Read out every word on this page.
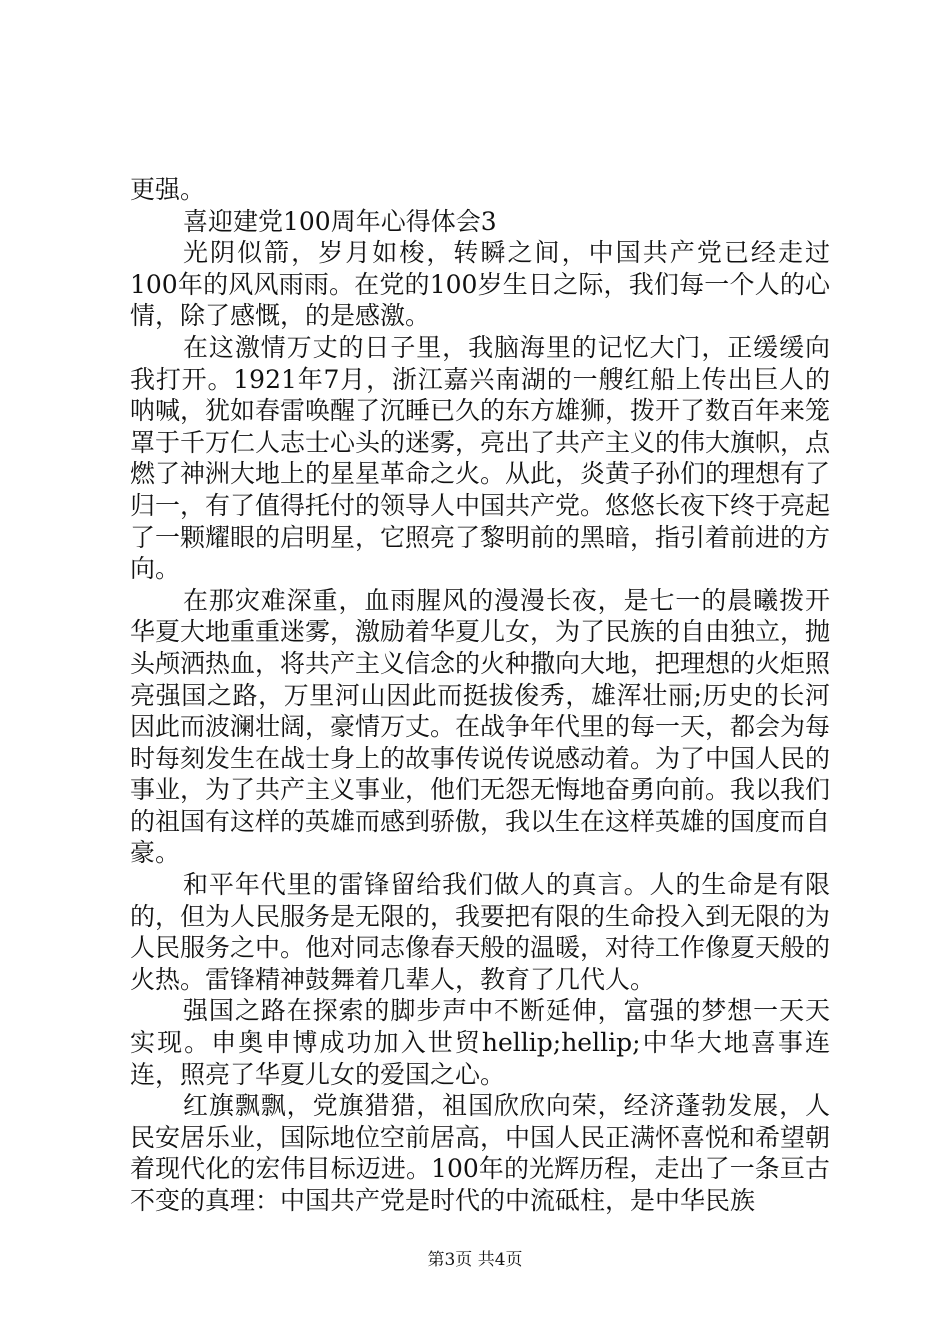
更强。

喜迎建党100周年心得体会3

光阴似箭，岁月如梭，转瞬之间，中国共产党已经走过100年的风风雨雨。在党的100岁生日之际，我们每一个人的心情，除了感慨，的是感激。

在这激情万丈的日子里，我脑海里的记忆大门，正缓缓向我打开。1921年7月，浙江嘉兴南湖的一艘红船上传出巨人的呐喊，犹如春雷唤醒了沉睡已久的东方雄狮，拨开了数百年来笼罩于千万仁人志士心头的迷雾，亮出了共产主义的伟大旗帜，点燃了神洲大地上的星星革命之火。从此，炎黄子孙们的理想有了归一，有了值得托付的领导人中国共产党。悠悠长夜下终于亮起了一颗耀眼的启明星，它照亮了黎明前的黑暗，指引着前进的方向。

在那灾难深重，血雨腥风的漫漫长夜，是七一的晨曦拨开华夏大地重重迷雾，激励着华夏儿女，为了民族的自由独立，抛头颅洒热血，将共产主义信念的火种撒向大地，把理想的火炬照亮强国之路，万里河山因此而挺拔俊秀，雄浑壮丽;历史的长河因此而波澜壮阔，豪情万丈。在战争年代里的每一天，都会为每时每刻发生在战士身上的故事传说传说感动着。为了中国人民的事业，为了共产主义事业，他们无怨无悔地奋勇向前。我以我们的祖国有这样的英雄而感到骄傲，我以生在这样英雄的国度而自豪。

和平年代里的雷锋留给我们做人的真言。人的生命是有限的，但为人民服务是无限的，我要把有限的生命投入到无限的为人民服务之中。他对同志像春天般的温暖，对待工作像夏天般的火热。雷锋精神鼓舞着几辈人，教育了几代人。

强国之路在探索的脚步声中不断延伸，富强的梦想一天天实现。申奥申博成功加入世贸hellip;hellip;中华大地喜事连连，照亮了华夏儿女的爱国之心。

红旗飘飘，党旗猎猎，祖国欣欣向荣，经济蓬勃发展，人民安居乐业，国际地位空前居高，中国人民正满怀喜悦和希望朝着现代化的宏伟目标迈进。100年的光辉历程，走出了一条亘古不变的真理：中国共产党是时代的中流砥柱，是中华民族

第3页 共4页
